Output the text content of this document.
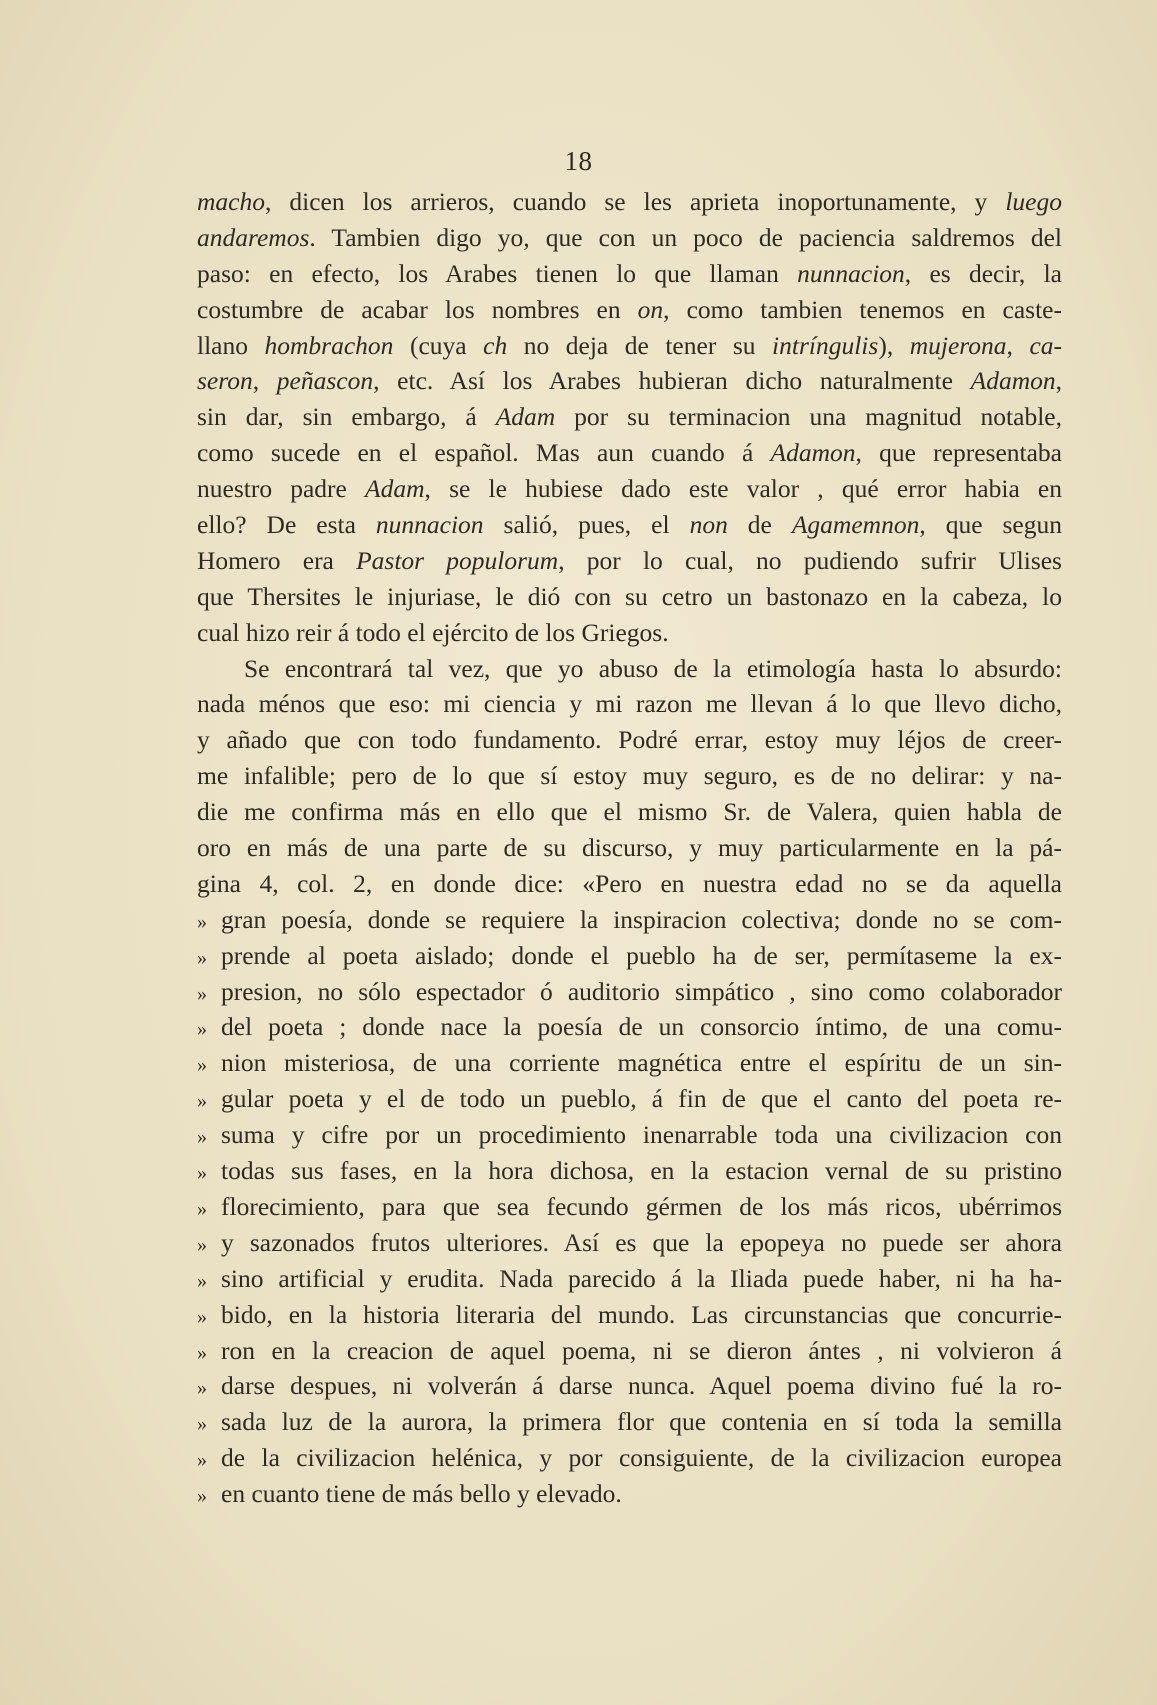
18
macho, dicen los arrieros, cuando se les aprieta inoportunamente, y luego
andaremos. Tambien digo yo, que con un poco de paciencia saldremos del
paso: en efecto, los Arabes tienen lo que llaman nunnacion, es decir, la
costumbre de acabar los nombres en on, como tambien tenemos en caste-
llano hombrachon (cuya ch no deja de tener su intríngulis), mujerona, ca-
seron, peñascon, etc. Así los Arabes hubieran dicho naturalmente Adamon,
sin dar, sin embargo, á Adam por su terminacion una magnitud notable,
como sucede en el español. Mas aun cuando á Adamon, que representaba
nuestro padre Adam, se le hubiese dado este valor , qué error habia en
ello? De esta nunnacion salió, pues, el non de Agamemnon, que segun
Homero era Pastor populorum, por lo cual, no pudiendo sufrir Ulises
que Thersites le injuriase, le dió con su cetro un bastonazo en la cabeza, lo
cual hizo reir á todo el ejército de los Griegos.
Se encontrará tal vez, que yo abuso de la etimología hasta lo absurdo:
nada ménos que eso: mi ciencia y mi razon me llevan á lo que llevo dicho,
y añado que con todo fundamento. Podré errar, estoy muy léjos de creer-
me infalible; pero de lo que sí estoy muy seguro, es de no delirar: y na-
die me confirma más en ello que el mismo Sr. de Valera, quien habla de
oro en más de una parte de su discurso, y muy particularmente en la pá-
gina 4, col. 2, en donde dice: «Pero en nuestra edad no se da aquella
» gran poesía, donde se requiere la inspiracion colectiva; donde no se com-
» prende al poeta aislado; donde el pueblo ha de ser, permítaseme la ex-
» presion, no sólo espectador ó auditorio simpático , sino como colaborador
» del poeta ; donde nace la poesía de un consorcio íntimo, de una comu-
» nion misteriosa, de una corriente magnética entre el espíritu de un sin-
» gular poeta y el de todo un pueblo, á fin de que el canto del poeta re-
» suma y cifre por un procedimiento inenarrable toda una civilizacion con
» todas sus fases, en la hora dichosa, en la estacion vernal de su pristino
» florecimiento, para que sea fecundo gérmen de los más ricos, ubérrimos
» y sazonados frutos ulteriores. Así es que la epopeya no puede ser ahora
» sino artificial y erudita. Nada parecido á la Iliada puede haber, ni ha ha-
» bido, en la historia literaria del mundo. Las circunstancias que concurrie-
» ron en la creacion de aquel poema, ni se dieron ántes , ni volvieron á
» darse despues, ni volverán á darse nunca. Aquel poema divino fué la ro-
» sada luz de la aurora, la primera flor que contenia en sí toda la semilla
» de la civilizacion helénica, y por consiguiente, de la civilizacion europea
» en cuanto tiene de más bello y elevado.
